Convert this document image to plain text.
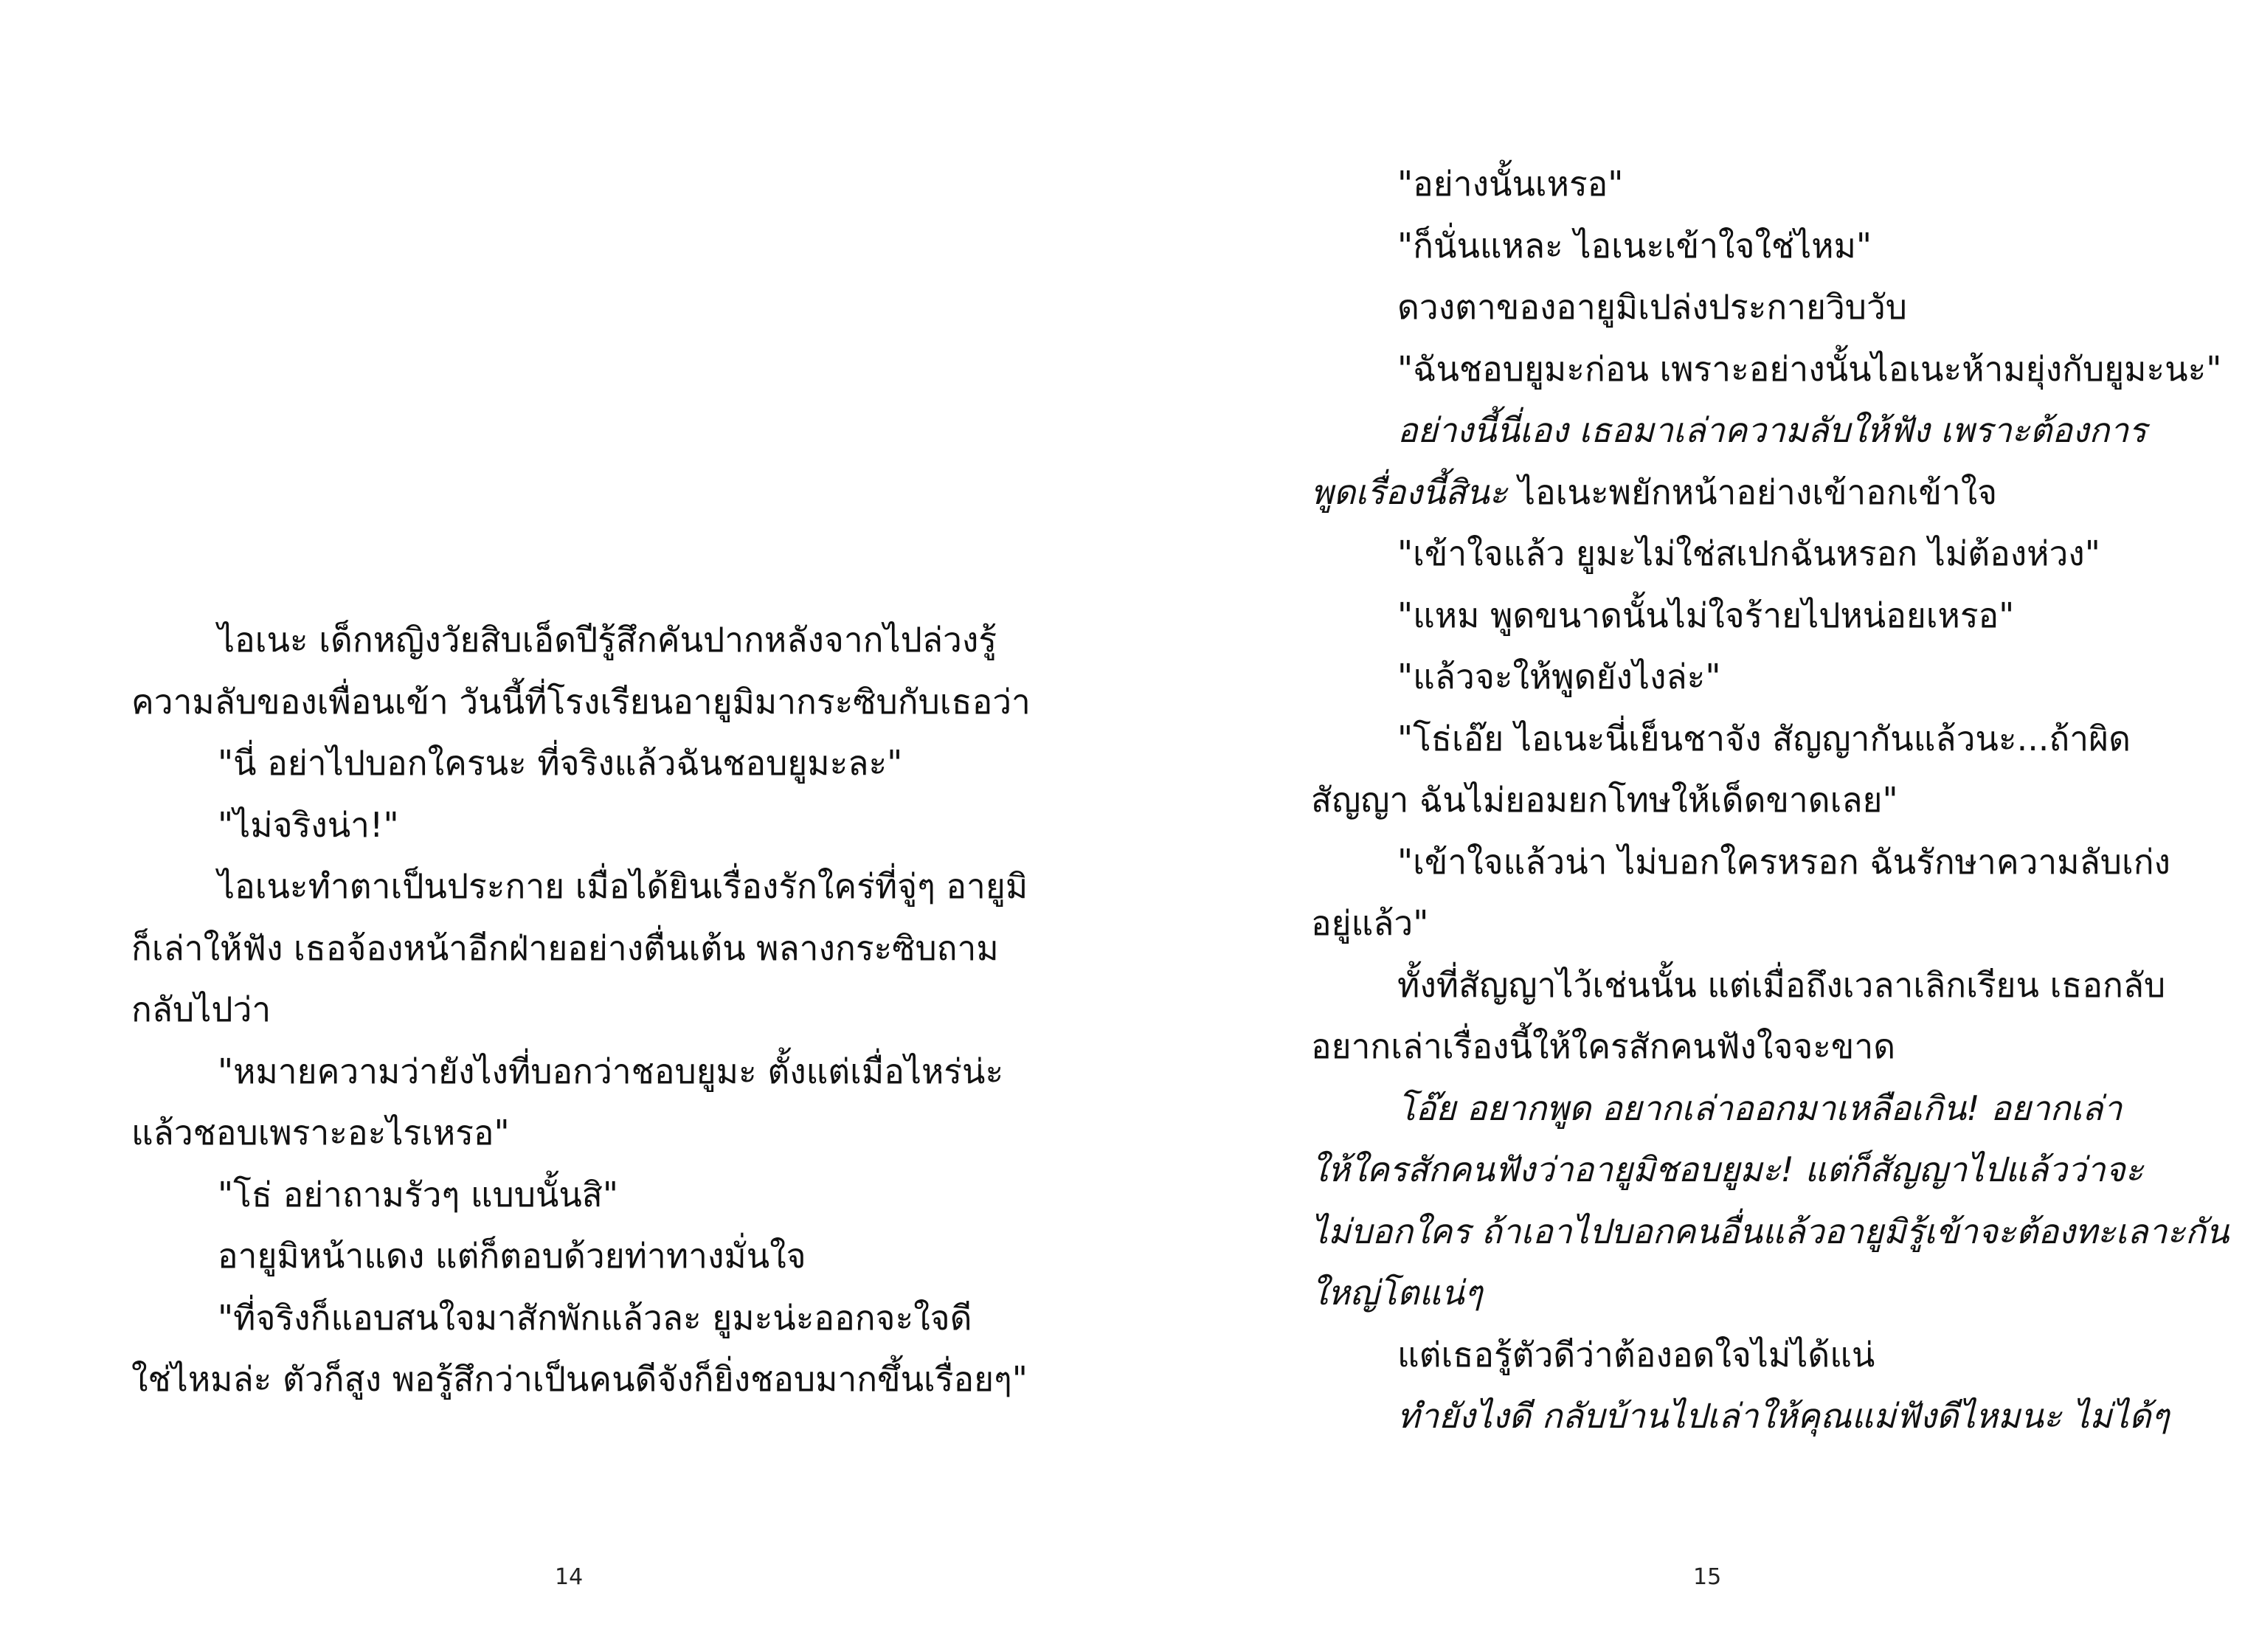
ไอเนะ เด็กหญิงวัยสิบเอ็ดปีรู้สึกคันปากหลังจากไปล่วงรู้
ความลับของเพื่อนเข้า วันนี้ที่โรงเรียนอายูมิมากระซิบกับเธอว่า
"นี่ อย่าไปบอกใครนะ ที่จริงแล้วฉันชอบยูมะละ"
"ไม่จริงน่า!"
ไอเนะทำตาเป็นประกาย เมื่อได้ยินเรื่องรักใคร่ที่จู่ๆ อายูมิ
ก็เล่าให้ฟัง เธอจ้องหน้าอีกฝ่ายอย่างตื่นเต้น พลางกระซิบถาม
กลับไปว่า
"หมายความว่ายังไงที่บอกว่าชอบยูมะ ตั้งแต่เมื่อไหร่น่ะ
แล้วชอบเพราะอะไรเหรอ"
"โธ่ อย่าถามรัวๆ แบบนั้นสิ"
อายูมิหน้าแดง แต่ก็ตอบด้วยท่าทางมั่นใจ
"ที่จริงก็แอบสนใจมาสักพักแล้วละ ยูมะน่ะออกจะใจดี
ใช่ไหมล่ะ ตัวก็สูง พอรู้สึกว่าเป็นคนดีจังก็ยิ่งชอบมากขึ้นเรื่อยๆ"
14
"อย่างนั้นเหรอ"
"ก็นั่นแหละ ไอเนะเข้าใจใช่ไหม"
ดวงตาของอายูมิเปล่งประกายวิบวับ
"ฉันชอบยูมะก่อน เพราะอย่างนั้นไอเนะห้ามยุ่งกับยูมะนะ"
อย่างนี้นี่เอง เธอมาเล่าความลับให้ฟัง เพราะต้องการ
พูดเรื่องนี้สินะ ไอเนะพยักหน้าอย่างเข้าอกเข้าใจ
"เข้าใจแล้ว ยูมะไม่ใช่สเปกฉันหรอก ไม่ต้องห่วง"
"แหม พูดขนาดนั้นไม่ใจร้ายไปหน่อยเหรอ"
"แล้วจะให้พูดยังไงล่ะ"
"โธ่เอ๊ย ไอเนะนี่เย็นชาจัง สัญญากันแล้วนะ...ถ้าผิด
สัญญา ฉันไม่ยอมยกโทษให้เด็ดขาดเลย"
"เข้าใจแล้วน่า ไม่บอกใครหรอก ฉันรักษาความลับเก่ง
อยู่แล้ว"
ทั้งที่สัญญาไว้เช่นนั้น แต่เมื่อถึงเวลาเลิกเรียน เธอกลับ
อยากเล่าเรื่องนี้ให้ใครสักคนฟังใจจะขาด
โอ๊ย อยากพูด อยากเล่าออกมาเหลือเกิน! อยากเล่า
ให้ใครสักคนฟังว่าอายูมิชอบยูมะ! แต่ก็สัญญาไปแล้วว่าจะ
ไม่บอกใคร ถ้าเอาไปบอกคนอื่นแล้วอายูมิรู้เข้าจะต้องทะเลาะกัน
ใหญ่โตแน่ๆ
แต่เธอรู้ตัวดีว่าต้องอดใจไม่ได้แน่
ทำยังไงดี กลับบ้านไปเล่าให้คุณแม่ฟังดีไหมนะ ไม่ได้ๆ
15
